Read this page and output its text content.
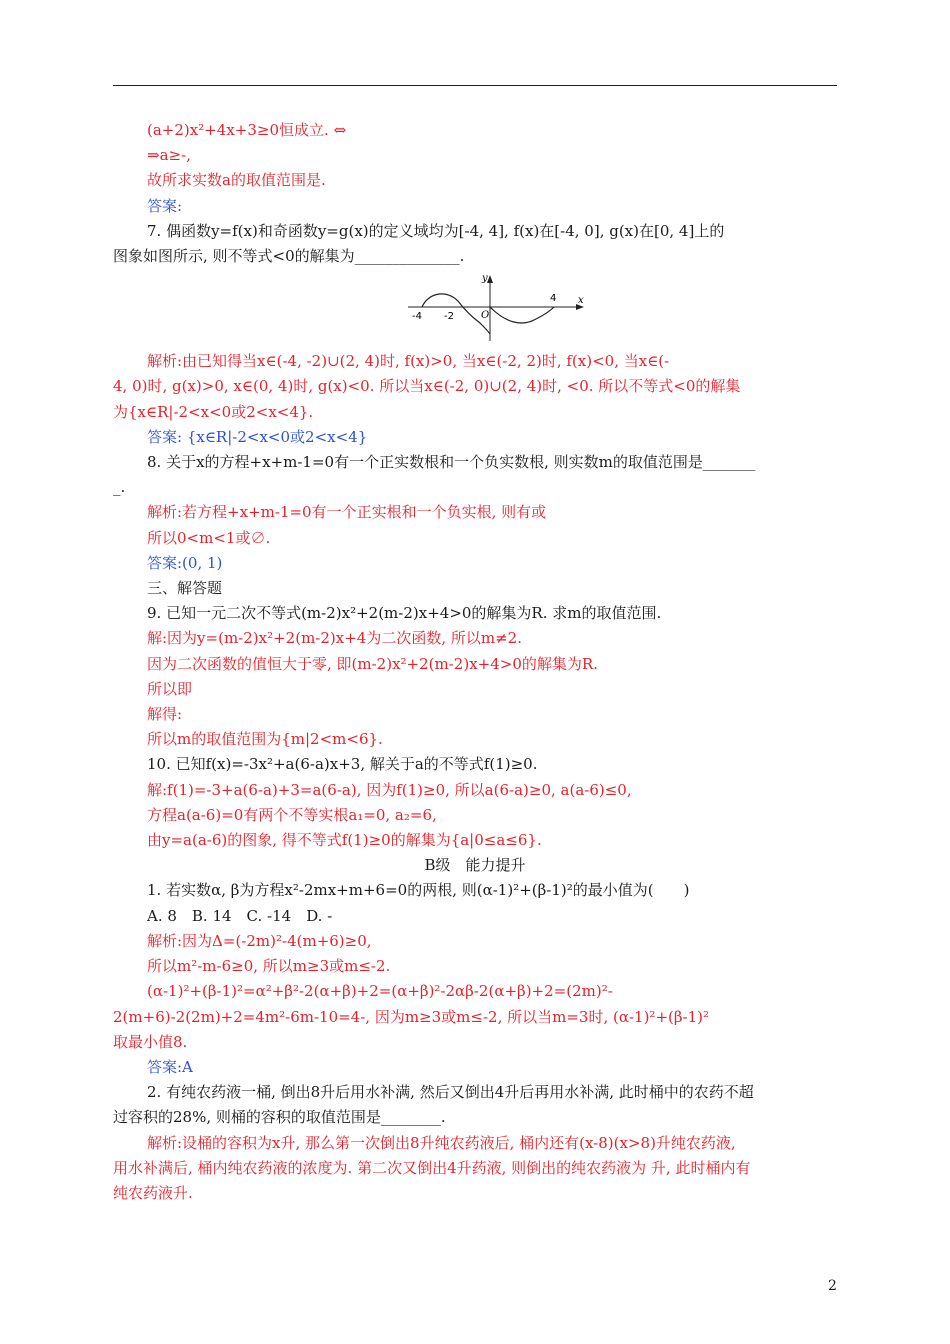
(a+2)x²+4x+3≥0恒成立. ⇔
⇒a≥-,
故所求实数a的取值范围是.
答案:
7. 偶函数y=f(x)和奇函数y=g(x)的定义域均为[-4, 4], f(x)在[-4, 0], g(x)在[0, 4]上的
图象如图所示, 则不等式<0的解集为______________.
y
x
O
-4 -2
4
解析:由已知得当x∈(-4, -2)∪(2, 4)时, f(x)>0, 当x∈(-2, 2)时, f(x)<0, 当x∈(-
4, 0)时, g(x)>0, x∈(0, 4)时, g(x)<0. 所以当x∈(-2, 0)∪(2, 4)时, <0. 所以不等式<0的解集
为{x∈R|-2<x<0或2<x<4}.
答案: {x∈R|-2<x<0或2<x<4}
8. 关于x的方程+x+m-1=0有一个正实数根和一个负实数根, 则实数m的取值范围是_______
_.
解析:若方程+x+m-1=0有一个正实根和一个负实根, 则有或
所以0<m<1或∅.
答案:(0, 1)
三、解答题
9. 已知一元二次不等式(m-2)x²+2(m-2)x+4>0的解集为R. 求m的取值范围.
解:因为y=(m-2)x²+2(m-2)x+4为二次函数, 所以m≠2.
因为二次函数的值恒大于零, 即(m-2)x²+2(m-2)x+4>0的解集为R.
所以即
解得:
所以m的取值范围为{m|2<m<6}.
10. 已知f(x)=-3x²+a(6-a)x+3, 解关于a的不等式f(1)≥0.
解:f(1)=-3+a(6-a)+3=a(6-a), 因为f(1)≥0, 所以a(6-a)≥0, a(a-6)≤0,
方程a(a-6)=0有两个不等实根a₁=0, a₂=6,
由y=a(a-6)的图象, 得不等式f(1)≥0的解集为{a|0≤a≤6}.
B级　能力提升
1. 若实数α, β为方程x²-2mx+m+6=0的两根, 则(α-1)²+(β-1)²的最小值为(　　)
A. 8　B. 14　C. -14　D. -
解析:因为Δ=(-2m)²-4(m+6)≥0,
所以m²-m-6≥0, 所以m≥3或m≤-2.
(α-1)²+(β-1)²=α²+β²-2(α+β)+2=(α+β)²-2αβ-2(α+β)+2=(2m)²-
2(m+6)-2(2m)+2=4m²-6m-10=4-, 因为m≥3或m≤-2, 所以当m=3时, (α-1)²+(β-1)²
取最小值8.
答案:A
2. 有纯农药液一桶, 倒出8升后用水补满, 然后又倒出4升后再用水补满, 此时桶中的农药不超
过容积的28%, 则桶的容积的取值范围是________.
解析:设桶的容积为x升, 那么第一次倒出8升纯农药液后, 桶内还有(x-8)(x>8)升纯农药液,
用水补满后, 桶内纯农药液的浓度为. 第二次又倒出4升药液, 则倒出的纯农药液为 升, 此时桶内有
纯农药液升.
2
